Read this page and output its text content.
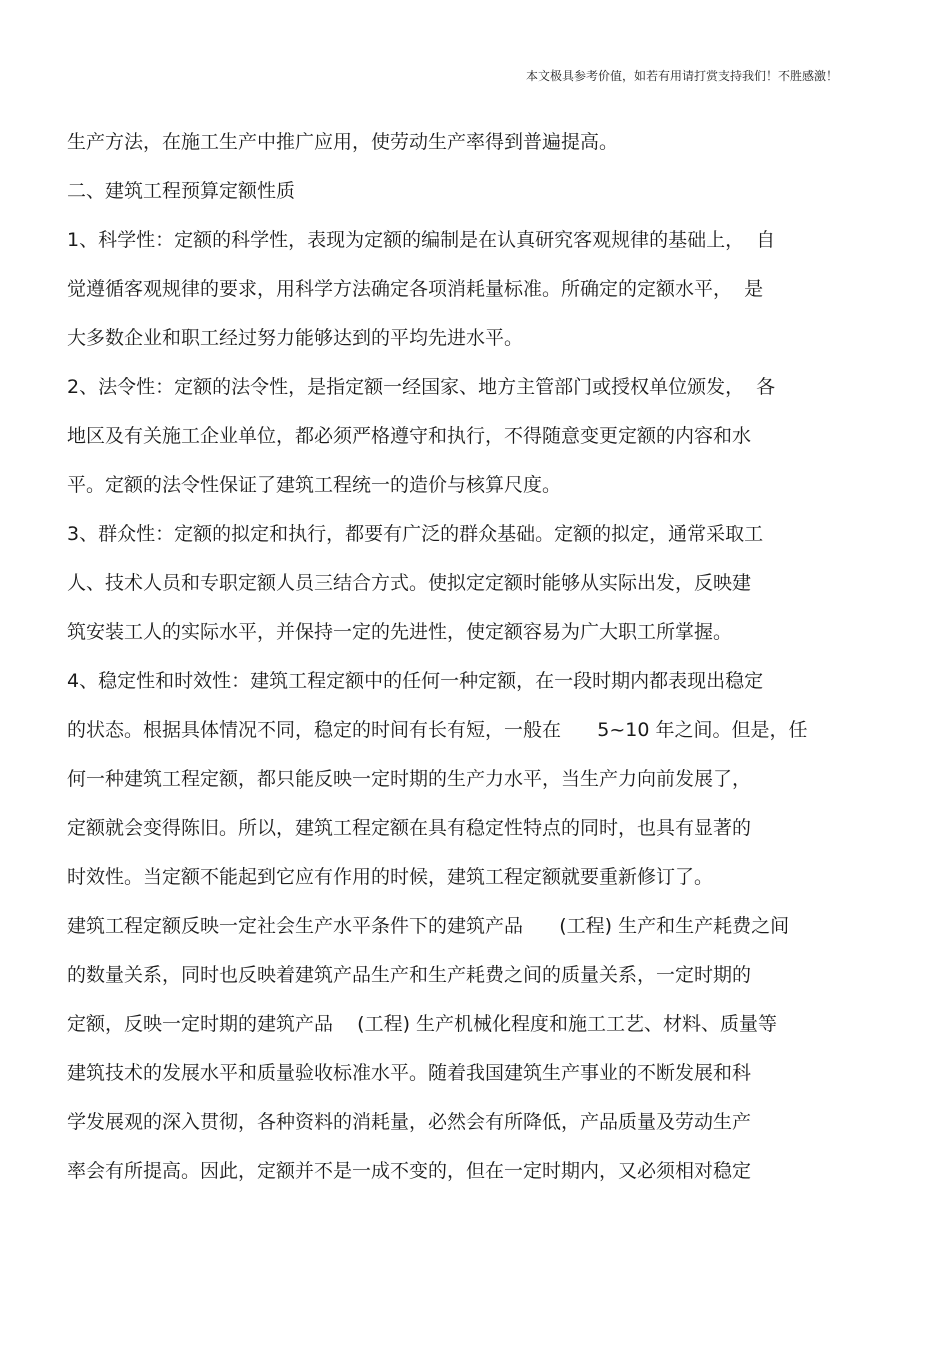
本文极具参考价值，如若有用请打赏支持我们！不胜感激！
生产方法，在施工生产中推广应用，使劳动生产率得到普遍提高。
二、建筑工程预算定额性质
1、科学性：定额的科学性，表现为定额的编制是在认真研究客观规律的基础上，  自
觉遵循客观规律的要求，用科学方法确定各项消耗量标准。所确定的定额水平，  是
大多数企业和职工经过努力能够达到的平均先进水平。
2、法令性：定额的法令性，是指定额一经国家、地方主管部门或授权单位颁发，  各
地区及有关施工企业单位，都必须严格遵守和执行，不得随意变更定额的内容和水
平。定额的法令性保证了建筑工程统一的造价与核算尺度。
3、群众性：定额的拟定和执行，都要有广泛的群众基础。定额的拟定，通常采取工
人、技术人员和专职定额人员三结合方式。使拟定定额时能够从实际出发，反映建
筑安装工人的实际水平，并保持一定的先进性，使定额容易为广大职工所掌握。
4、稳定性和时效性：建筑工程定额中的任何一种定额，在一段时期内都表现出稳定
的状态。根据具体情况不同，稳定的时间有长有短，一般在      5~10 年之间。但是，任
何一种建筑工程定额，都只能反映一定时期的生产力水平，当生产力向前发展了，
定额就会变得陈旧。所以，建筑工程定额在具有稳定性特点的同时，也具有显著的
时效性。当定额不能起到它应有作用的时候，建筑工程定额就要重新修订了。
建筑工程定额反映一定社会生产水平条件下的建筑产品      (工程) 生产和生产耗费之间
的数量关系，同时也反映着建筑产品生产和生产耗费之间的质量关系，一定时期的
定额，反映一定时期的建筑产品    (工程) 生产机械化程度和施工工艺、材料、质量等
建筑技术的发展水平和质量验收标准水平。随着我国建筑生产事业的不断发展和科
学发展观的深入贯彻，各种资料的消耗量，必然会有所降低，产品质量及劳动生产
率会有所提高。因此，定额并不是一成不变的，但在一定时期内，又必须相对稳定
